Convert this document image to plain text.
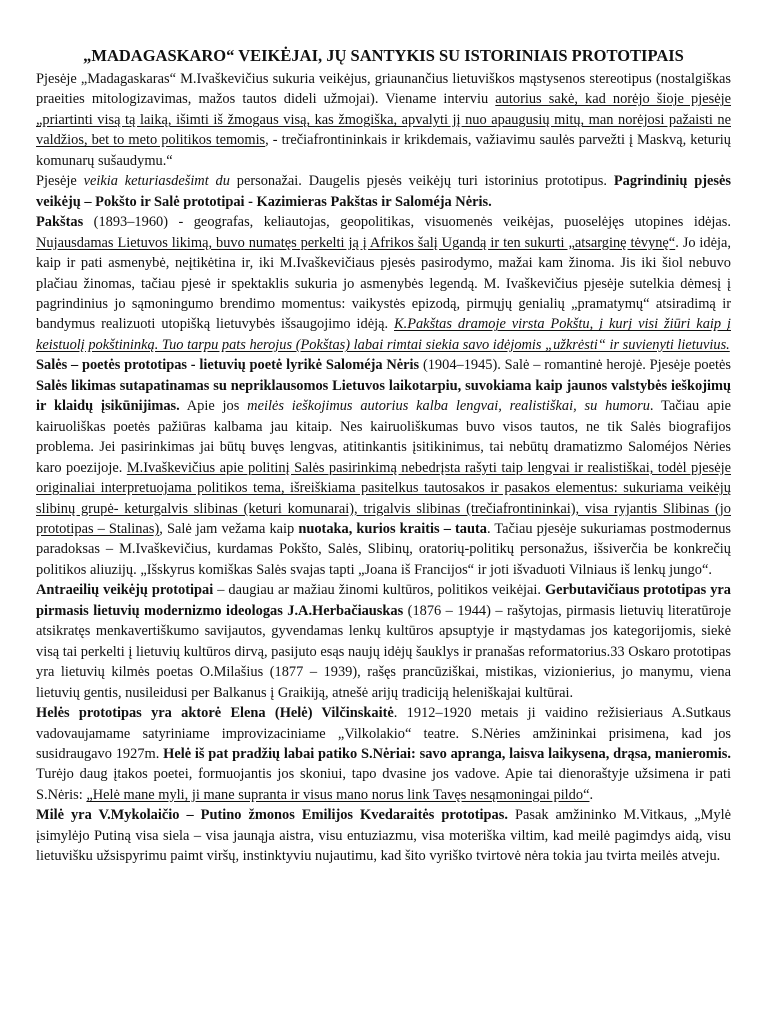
„MADAGASKARO“ VEIKĖJAI, JŲ SANTYKIS SU ISTORINIAIS PROTOTIPAIS

Pjesėje „Madagaskaras“ M.Ivaškevičius sukuria veikėjus, griaunančius lietuviškos mąstysenos stereotipus (nostalgiškas praeities mitologizavimas, mažos tautos dideli užmojai). Viename interviu autorius sakė, kad norėjo šioje pjesėje „priartinti visą tą laiką, išimti iš žmogaus visą, kas žmogiška, apvalyti jį nuo apaugusių mitų, man norėjosi pažaisti ne valdžios, bet to meto politikos temomis, - trečiafrontininkais ir krikdemais, važiavimu saulės parvežti į Maskvą, keturių komunarų sušaudymu.“

Pjesėje veikia keturiasdešimt du personažai. Daugelis pjesės veikėjų turi istorinius prototipus. Pagrindinių pjesės veikėjų – Pokšto ir Salė prototipai - Kazimieras Pakštas ir Saloméja Nėris.

Pakštas (1893–1960) - geografas, keliautojas, geopolitikas, visuomenės veikėjas, puoselėjęs utopines idėjas. Nujausdamas Lietuvos likimą, buvo numatęs perkelti ją į Afrikos šalį Ugandą ir ten sukurti „atsarginę tėvynę“. Jo idėja, kaip ir pati asmenybė, neįtikėtina ir, iki M.Ivaškevičiaus pjesės pasirodymo, mažai kam žinoma. Jis iki šiol nebuvo plačiau žinomas, tačiau pjesė ir spektaklis sukuria jo asmenybės legendą. M. Ivaškevičius pjesėje sutelkia dėmesį į pagrindinius jo sąmoningumo brendimo momentus: vaikystės epizodą, pirmųjų genialių „pramatymų“ atsiradimą ir bandymus realizuoti utopišką lietuvybės išsaugojimo idėją. K.Pakštas dramoje virsta Pokštu, į kurį visi žiūri kaip į keistuolį pokštininką. Tuo tarpu pats herojus (Pokštas) labai rimtai siekia savo idėjomis „užkrėsti“ ir suvienyti lietuvius.

Salės – poetės prototipas - lietuvių poetė lyrikė Saloméja Nėris (1904–1945). Salė – romantinė herojė. Pjesėje poetės Salės likimas sutapatinamas su nepriklausomos Lietuvos laikotarpiu, suvokiama kaip jaunos valstybės ieškojimų ir klaidų įsikūnijimas. Apie jos meilės ieškojimus autorius kalba lengvai, realistiškai, su humoru. Tačiau apie kairuoliškas poetės pažiūras kalbama jau kitaip. Nes kairuoliškumas buvo visos tautos, ne tik Salės biografijos problema. Jei pasirinkimas jai būtų buvęs lengvas, atitinkantis įsitikinimus, tai nebūtų dramatizmo Saloméjos Nėries karo poezijoje. M.Ivaškevičius apie politinį Salės pasirinkimą nebedrįsta rašyti taip lengvai ir realistiškai, todėl pjesėje originaliai interpretuojama politikos tema, išreiškiama pasitelkus tautosakos ir pasakos elementus: sukuriama veikėjų slibinų grupė- keturgalvis slibinas (keturi komunarai), trigalvis slibinas (trečiafrontininkai), visa ryjantis Slibinas (jo prototipas – Stalinas), Salė jam vežama kaip nuotaka, kurios kraitis – tauta. Tačiau pjesėje sukuriamas postmodernus paradoksas – M.Ivaškevičius, kurdamas Pokšto, Salės, Slibinų, oratorių-politikų personažus, išsiverčia be konkrečių politikos aliuzijų. „Išskyrus komiškas Salės svajas tapti „Joana iš Francijos“ ir joti išvaduoti Vilniaus iš lenkų jungo“.

Antraeilių veikėjų prototipai – daugiau ar mažiau žinomi kultūros, politikos veikėjai. Gerbutavičiaus prototipas yra pirmasis lietuvių modernizmo ideologas J.A.Herbačiauskas (1876 – 1944) – rašytojas, pirmasis lietuvių literatūroje atsikratęs menkavertiškumo savijautos, gyvendamas lenkų kultūros apsuptyje ir mąstydamas jos kategorijomis, siekė visą tai perkelti į lietuvių kultūros dirvą, pasijuto esąs naujų idėjų šauklys ir pranašas reformatorius.33 Oskaro prototipas yra lietuvių kilmės poetas O.Milašius (1877 – 1939), rašęs prancūziškai, mistikas, vizionierius, jo manymu, viena lietuvių gentis, nusileidusi per Balkanus į Graikiją, atnešė arijų tradiciją heleniškajai kultūrai.

Helės prototipas yra aktorė Elena (Helė) Vilčinskaitė. 1912–1920 metais ji vaidino režisieriaus A.Sutkaus vadovaujamame satyriniame improvizaciniame „Vilkolakio“ teatre. S.Nėries amžininkai prisimena, kad jos susidraugavo 1927m. Helė iš pat pradžių labai patiko S.Nėriai: savo apranga, laisva laikysena, drąsa, manieromis. Turėjo daug įtakos poetei, formuojantis jos skoniui, tapo dvasine jos vadove. Apie tai dienoraštyje užsimena ir pati S.Nėris: „Helė mane myli, ji mane supranta ir visus mano norus link Tavęs nesąmoningai pildo“.

Milė yra V.Mykolaičio – Putino žmonos Emilijos Kvedaraitės prototipas. Pasak amžininko M.Vitkaus, „Mylė įsimylėjo Putiną visa siela – visa jaunąja aistra, visu entuziazmu, visa moteriška viltim, kad meilė pagimdys aidą, visu lietuvišku užsispyrimu paimt viršų, instinktyviu nujautimu, kad šito vyriško tvirtovė nėra tokia jau tvirta meilės atveju.
